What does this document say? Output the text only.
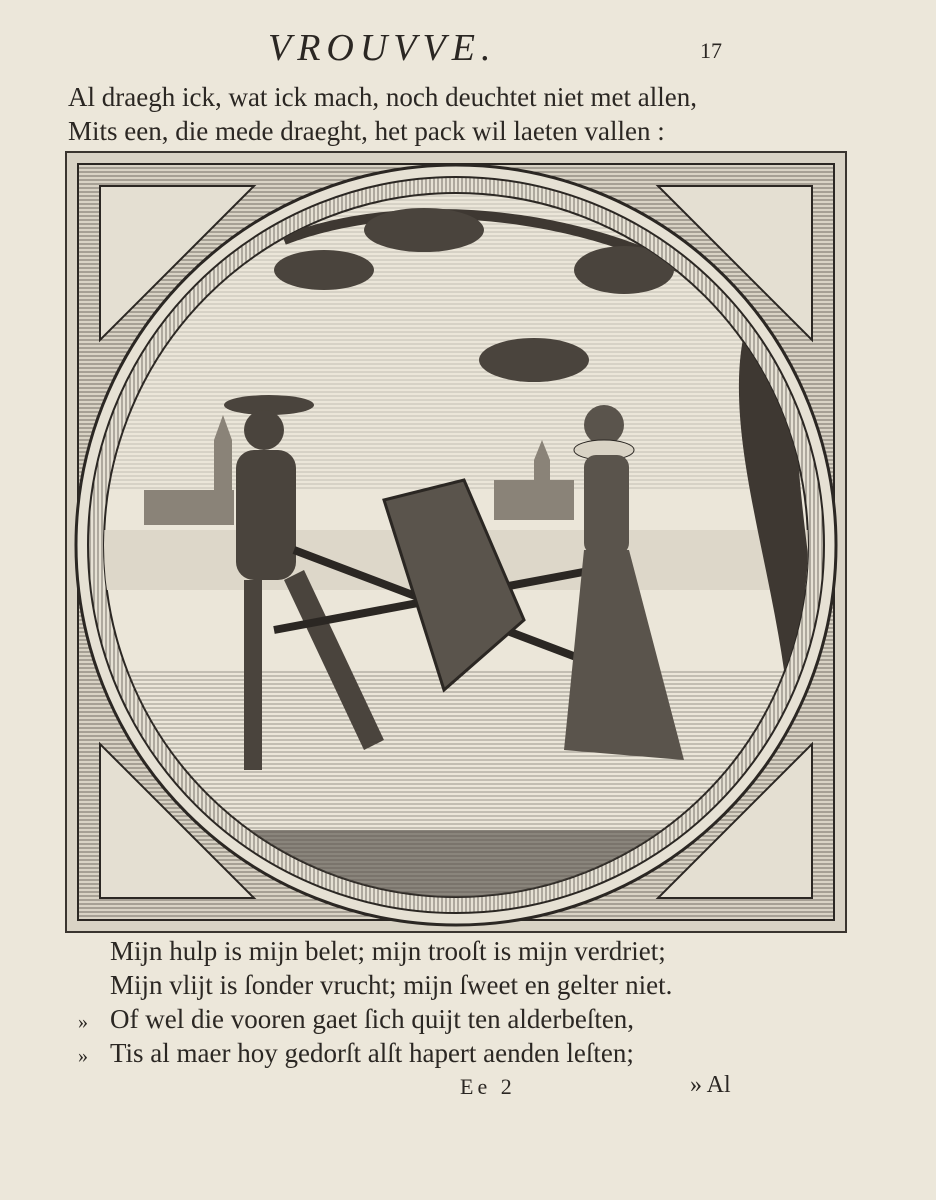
VROUVVE.	17
Al draegh ick, wat ick mach, noch deuchtet niet met allen,
Mits een, die mede draeght, het pack wil laeten vallen :
Mijn hulp is mijn belet; mijn trooſt is mijn verdriet;
Mijn vlijt is ſonder vrucht; mijn ſweet en gelter niet.
» Of wel die vooren gaet ſich quijt ten alderbeſten,
» Tis al maer hoy gedorſt alſt hapert aenden leſten;
Ee 2	» Al
